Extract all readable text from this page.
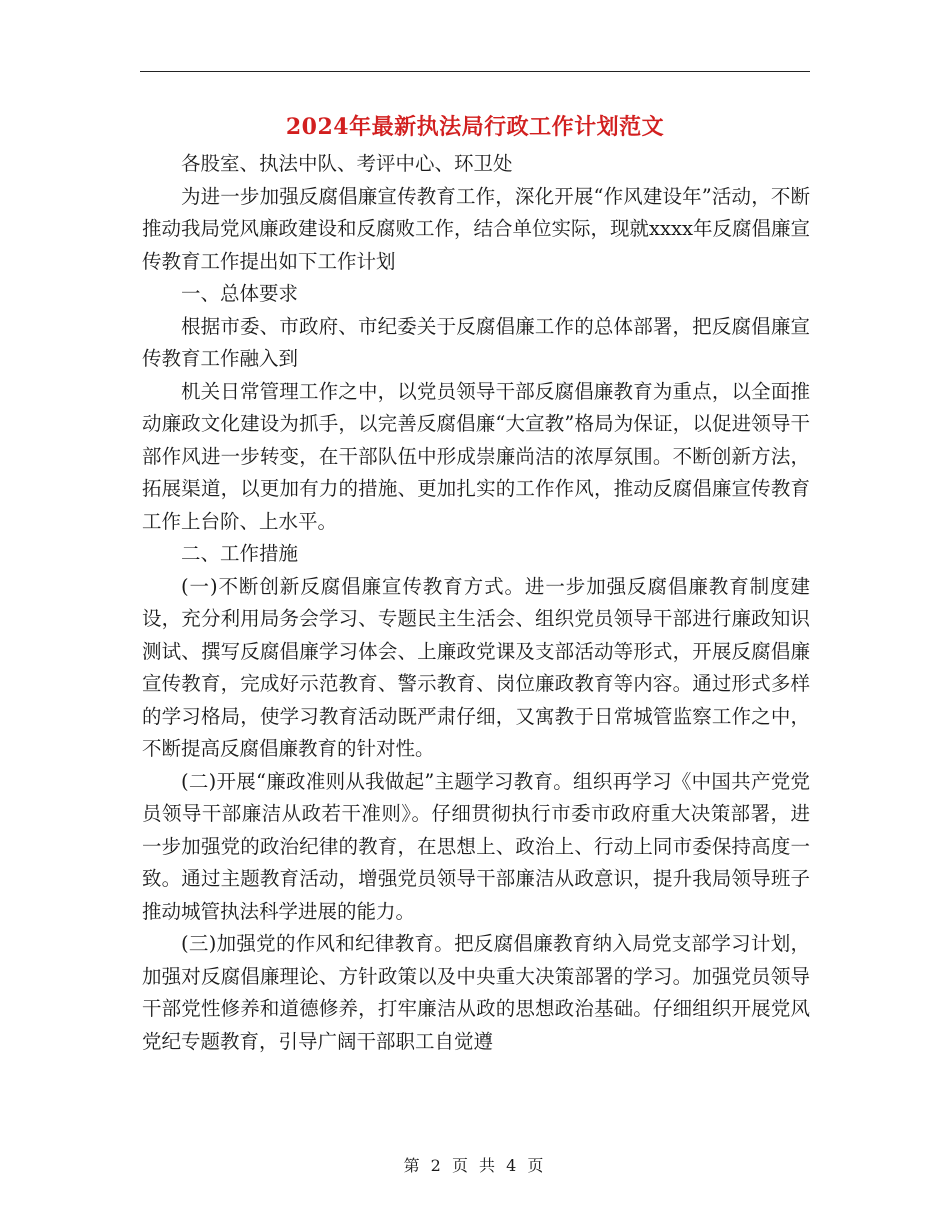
2024年最新执法局行政工作计划范文

各股室、执法中队、考评中心、环卫处

为进一步加强反腐倡廉宣传教育工作，深化开展“作风建设年”活动，不断推动我局党风廉政建设和反腐败工作，结合单位实际，现就xxxx年反腐倡廉宣传教育工作提出如下工作计划

一、总体要求

根据市委、市政府、市纪委关于反腐倡廉工作的总体部署，把反腐倡廉宣传教育工作融入到

机关日常管理工作之中，以党员领导干部反腐倡廉教育为重点，以全面推动廉政文化建设为抓手，以完善反腐倡廉“大宣教”格局为保证，以促进领导干部作风进一步转变，在干部队伍中形成崇廉尚洁的浓厚氛围。不断创新方法，拓展渠道，以更加有力的措施、更加扎实的工作作风，推动反腐倡廉宣传教育工作上台阶、上水平。

二、工作措施

(一)不断创新反腐倡廉宣传教育方式。进一步加强反腐倡廉教育制度建设，充分利用局务会学习、专题民主生活会、组织党员领导干部进行廉政知识测试、撰写反腐倡廉学习体会、上廉政党课及支部活动等形式，开展反腐倡廉宣传教育，完成好示范教育、警示教育、岗位廉政教育等内容。通过形式多样的学习格局，使学习教育活动既严肃仔细，又寓教于日常城管监察工作之中，不断提高反腐倡廉教育的针对性。

(二)开展“廉政准则从我做起”主题学习教育。组织再学习《中国共产党党员领导干部廉洁从政若干准则》。仔细贯彻执行市委市政府重大决策部署，进一步加强党的政治纪律的教育，在思想上、政治上、行动上同市委保持高度一致。通过主题教育活动，增强党员领导干部廉洁从政意识，提升我局领导班子推动城管执法科学进展的能力。

(三)加强党的作风和纪律教育。把反腐倡廉教育纳入局党支部学习计划，加强对反腐倡廉理论、方针政策以及中央重大决策部署的学习。加强党员领导干部党性修养和道德修养，打牢廉洁从政的思想政治基础。仔细组织开展党风党纪专题教育，引导广阔干部职工自觉遵

第 2 页 共 4 页
